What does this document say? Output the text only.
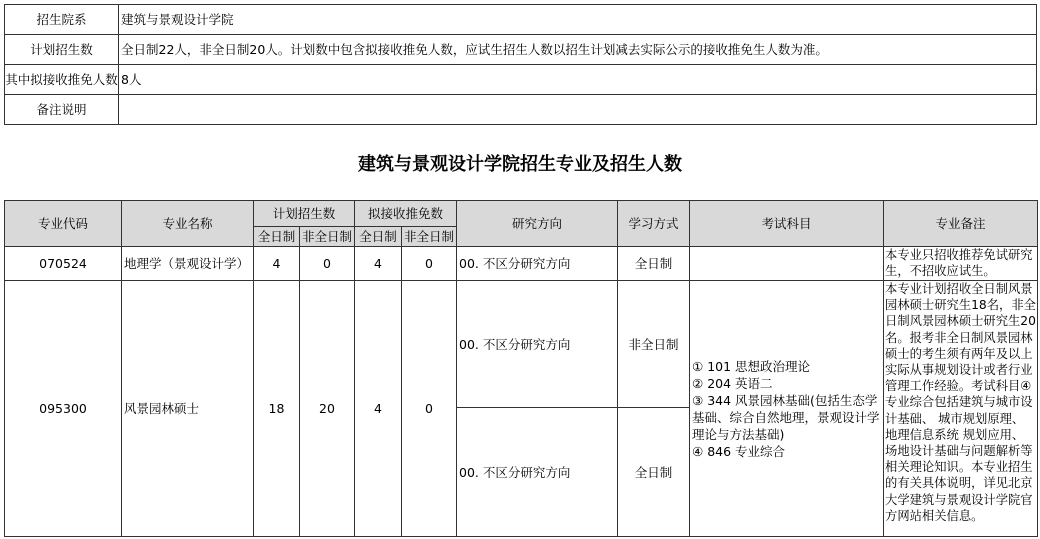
招生院系	建筑与景观设计学院
计划招生数	全日制22人，非全日制20人。计划数中包含拟接收推免人数，应试生招生人数以招生计划减去实际公示的接收推免生人数为准。
其中拟接收推免人数	8人
备注说明	
建筑与景观设计学院招生专业及招生人数
专业代码	专业名称	计划招生数		拟接收推免数		研究方向	学习方式	考试科目	专业备注
		全日制	非全日制	全日制	非全日制				
070524	地理学（景观设计学）	4	0	4	0	00. 不区分研究方向	全日制		本专业只招收推荐免试研究生，不招收应试生。
095300	风景园林硕士	18	20	4	0	00. 不区分研究方向	非全日制	① 101 思想政治理论
② 204 英语二
③ 344 风景园林基础(包括生态学基础、综合自然地理，景观设计学理论与方法基础)
④ 846 专业综合	本专业计划招收全日制风景园林硕士研究生18名，非全日制风景园林硕士研究生20名。报考非全日制风景园林硕士的考生须有两年及以上实际从事规划设计或者行业管理工作经验。考试科目④专业综合包括建筑与城市设计基础、 城市规划原理、地理信息系统 规划应用、场地设计基础与问题解析等相关理论知识。本专业招生的有关具体说明，详见北京大学建筑与景观设计学院官方网站相关信息。
						00. 不区分研究方向	全日制		
